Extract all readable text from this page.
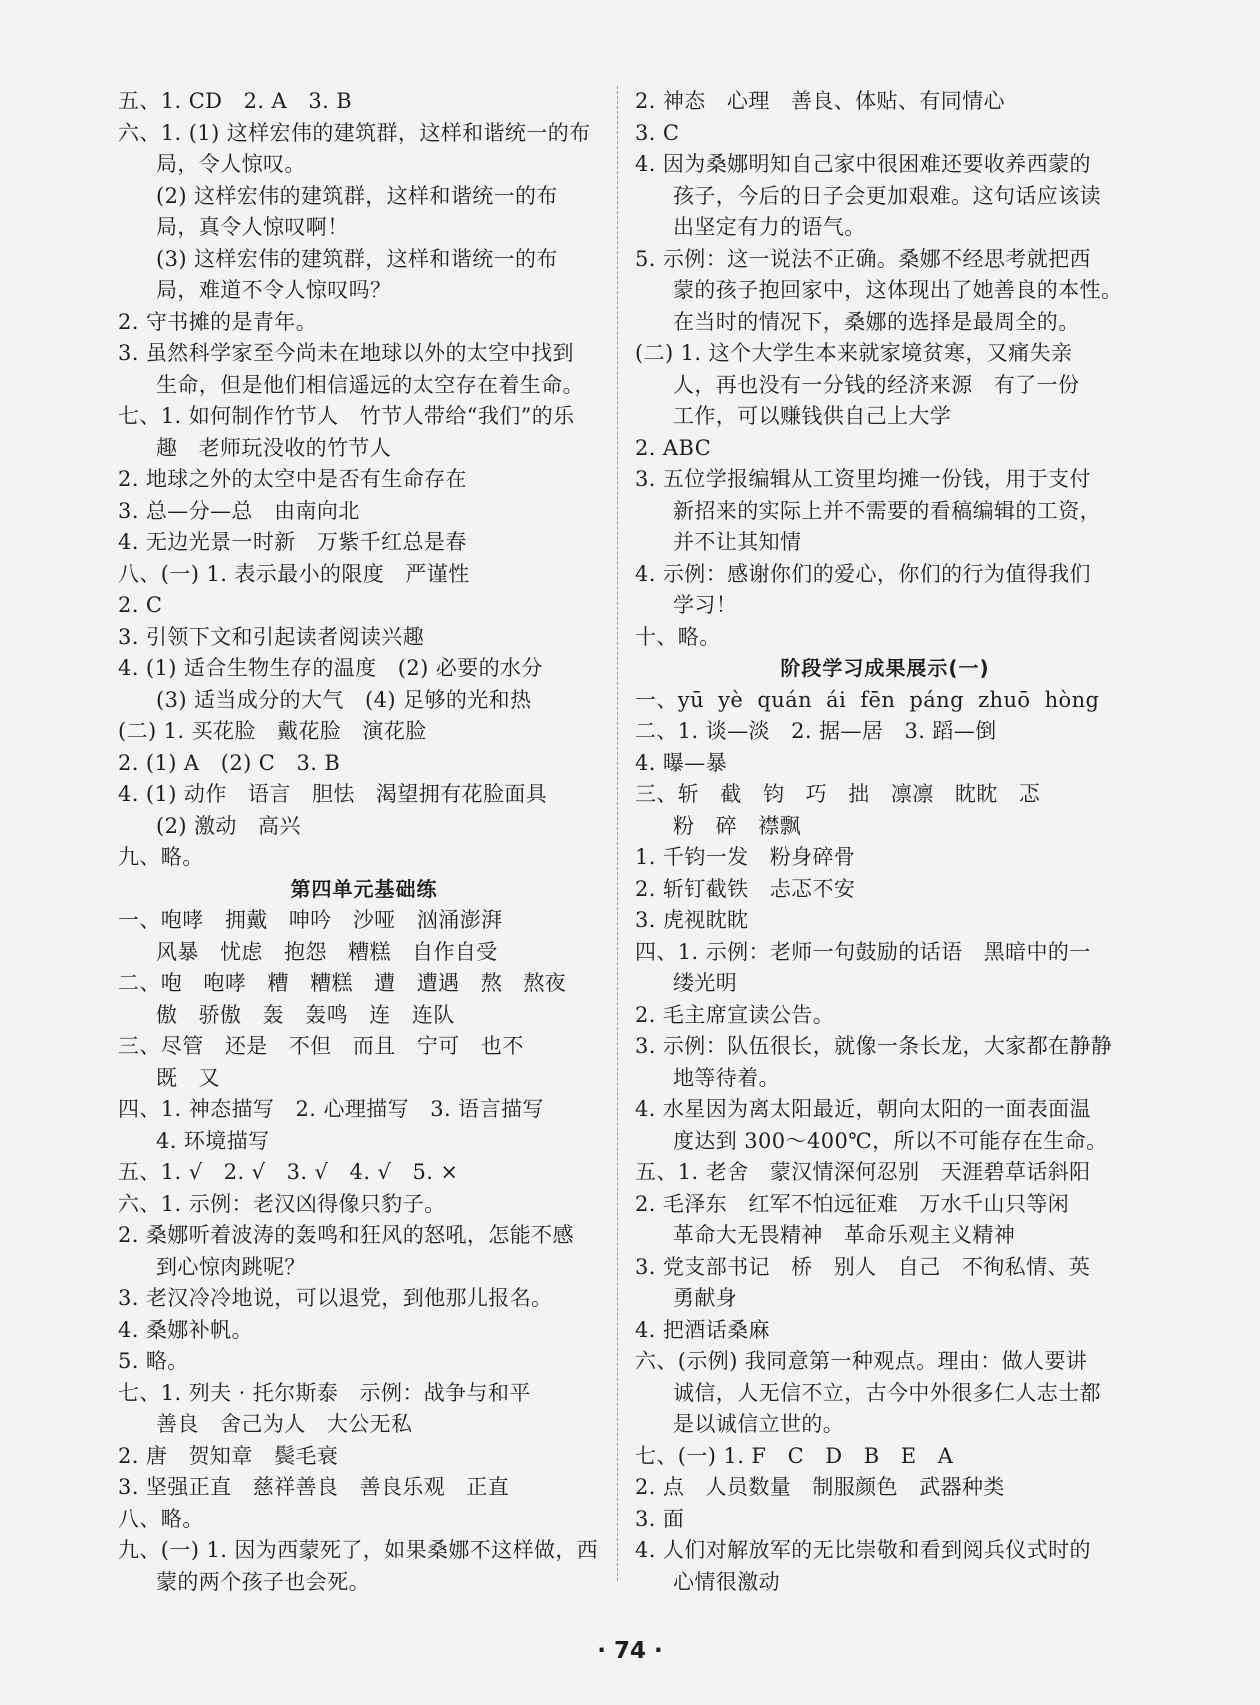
五、1. CD   2. A   3. B
六、1. (1) 这样宏伟的建筑群，这样和谐统一的布
局，令人惊叹。
(2) 这样宏伟的建筑群，这样和谐统一的布
局，真令人惊叹啊！
(3) 这样宏伟的建筑群，这样和谐统一的布
局，难道不令人惊叹吗？
2. 守书摊的是青年。
3. 虽然科学家至今尚未在地球以外的太空中找到
生命，但是他们相信遥远的太空存在着生命。
七、1. 如何制作竹节人   竹节人带给“我们”的乐
趣   老师玩没收的竹节人
2. 地球之外的太空中是否有生命存在
3. 总—分—总   由南向北
4. 无边光景一时新   万紫千红总是春
八、(一) 1. 表示最小的限度   严谨性
2. C
3. 引领下文和引起读者阅读兴趣
4. (1) 适合生物生存的温度   (2) 必要的水分
(3) 适当成分的大气   (4) 足够的光和热
(二) 1. 买花脸   戴花脸   演花脸
2. (1) A   (2) C   3. B
4. (1) 动作   语言   胆怯   渴望拥有花脸面具
(2) 激动   高兴
九、略。
第四单元基础练
一、咆哮   拥戴   呻吟   沙哑   汹涌澎湃
风暴   忧虑   抱怨   糟糕   自作自受
二、咆   咆哮   糟   糟糕   遭   遭遇   熬   熬夜
傲   骄傲   轰   轰鸣   连   连队
三、尽管   还是   不但   而且   宁可   也不
既   又
四、1. 神态描写   2. 心理描写   3. 语言描写
4. 环境描写
五、1. √   2. √   3. √   4. √   5. ×
六、1. 示例：老汉凶得像只豹子。
2. 桑娜听着波涛的轰鸣和狂风的怒吼，怎能不感
到心惊肉跳呢？
3. 老汉冷冷地说，可以退党，到他那儿报名。
4. 桑娜补帆。
5. 略。
七、1. 列夫 · 托尔斯泰   示例：战争与和平
善良   舍己为人   大公无私
2. 唐   贺知章   鬓毛衰
3. 坚强正直   慈祥善良   善良乐观   正直
八、略。
九、(一) 1. 因为西蒙死了，如果桑娜不这样做，西
蒙的两个孩子也会死。
2. 神态   心理   善良、体贴、有同情心
3. C
4. 因为桑娜明知自己家中很困难还要收养西蒙的
孩子，今后的日子会更加艰难。这句话应该读
出坚定有力的语气。
5. 示例：这一说法不正确。桑娜不经思考就把西
蒙的孩子抱回家中，这体现出了她善良的本性。
在当时的情况下，桑娜的选择是最周全的。
(二) 1. 这个大学生本来就家境贫寒，又痛失亲
人，再也没有一分钱的经济来源   有了一份
工作，可以赚钱供自己上大学
2. ABC
3. 五位学报编辑从工资里均摊一份钱，用于支付
新招来的实际上并不需要的看稿编辑的工资，
并不让其知情
4. 示例：感谢你们的爱心，你们的行为值得我们
学习！
十、略。
阶段学习成果展示(一)
一、yū  yè  quán  ái  fēn  páng  zhuō  hòng
二、1. 谈—淡   2. 据—居   3. 蹈—倒
4. 曝—暴
三、斩   截   钧   巧   拙   凛凛   眈眈   忑
粉   碎   襟飘
1. 千钧一发   粉身碎骨
2. 斩钉截铁   忐忑不安
3. 虎视眈眈
四、1. 示例：老师一句鼓励的话语   黑暗中的一
缕光明
2. 毛主席宣读公告。
3. 示例：队伍很长，就像一条长龙，大家都在静静
地等待着。
4. 水星因为离太阳最近，朝向太阳的一面表面温
度达到 300～400℃，所以不可能存在生命。
五、1. 老舍   蒙汉情深何忍别   天涯碧草话斜阳
2. 毛泽东   红军不怕远征难   万水千山只等闲
革命大无畏精神   革命乐观主义精神
3. 党支部书记   桥   别人   自己   不徇私情、英
勇献身
4. 把酒话桑麻
六、(示例) 我同意第一种观点。理由：做人要讲
诚信，人无信不立，古今中外很多仁人志士都
是以诚信立世的。
七、(一) 1. F   C   D   B   E   A
2. 点   人员数量   制服颜色   武器种类
3. 面
4. 人们对解放军的无比崇敬和看到阅兵仪式时的
心情很激动
· 74 ·
